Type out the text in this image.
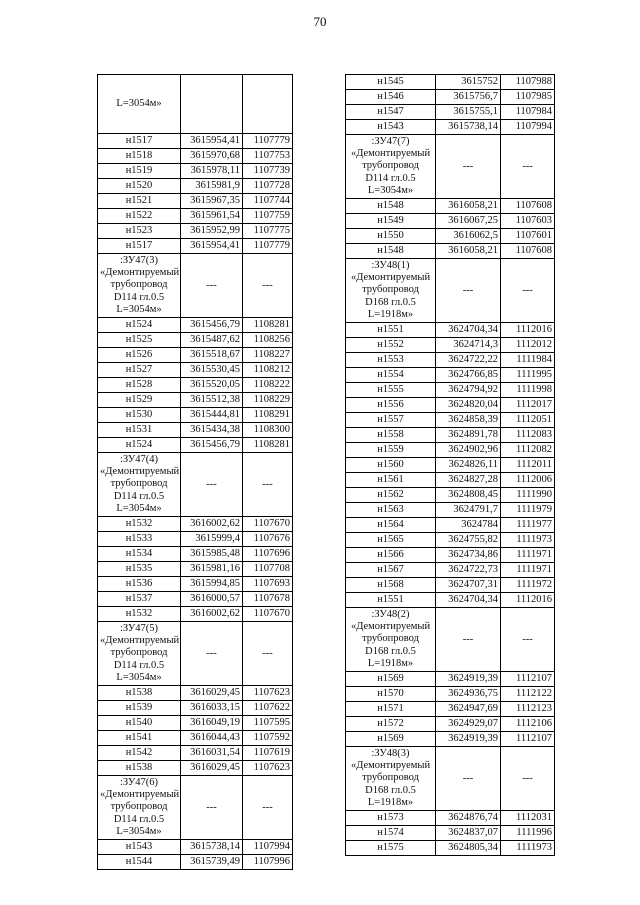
70
L=3054м»		
н1517	3615954,41	1107779
н1518	3615970,68	1107753
н1519	3615978,11	1107739
н1520	3615981,9	1107728
н1521	3615967,35	1107744
н1522	3615961,54	1107759
н1523	3615952,99	1107775
н1517	3615954,41	1107779

:ЗУ47(3)
«Демонтируемый
трубопровод
D114 гл.0.5
L=3054м»	---	---
н1524	3615456,79	1108281
н1525	3615487,62	1108256
н1526	3615518,67	1108227
н1527	3615530,45	1108212
н1528	3615520,05	1108222
н1529	3615512,38	1108229
н1530	3615444,81	1108291
н1531	3615434,38	1108300
н1524	3615456,79	1108281

:ЗУ47(4)
«Демонтируемый
трубопровод
D114 гл.0.5
L=3054м»	---	---
н1532	3616002,62	1107670
н1533	3615999,4	1107676
н1534	3615985,48	1107696
н1535	3615981,16	1107708
н1536	3615994,85	1107693
н1537	3616000,57	1107678
н1532	3616002,62	1107670

:ЗУ47(5)
«Демонтируемый
трубопровод
D114 гл.0.5
L=3054м»	---	---
н1538	3616029,45	1107623
н1539	3616033,15	1107622
н1540	3616049,19	1107595
н1541	3616044,43	1107592
н1542	3616031,54	1107619
н1538	3616029,45	1107623

:ЗУ47(6)
«Демонтируемый
трубопровод
D114 гл.0.5
L=3054м»	---	---
н1543	3615738,14	1107994
н1544	3615739,49	1107996
н1545	3615752	1107988
н1546	3615756,7	1107985
н1547	3615755,1	1107984
н1543	3615738,14	1107994

:ЗУ47(7)
«Демонтируемый
трубопровод
D114 гл.0.5
L=3054м»	---	---
н1548	3616058,21	1107608
н1549	3616067,25	1107603
н1550	3616062,5	1107601
н1548	3616058,21	1107608

:ЗУ48(1)
«Демонтируемый
трубопровод
D168 гл.0.5
L=1918м»	---	---
н1551	3624704,34	1112016
н1552	3624714,3	1112012
н1553	3624722,22	1111984
н1554	3624766,85	1111995
н1555	3624794,92	1111998
н1556	3624820,04	1112017
н1557	3624858,39	1112051
н1558	3624891,78	1112083
н1559	3624902,96	1112082
н1560	3624826,11	1112011
н1561	3624827,28	1112006
н1562	3624808,45	1111990
н1563	3624791,7	1111979
н1564	3624784	1111977
н1565	3624755,82	1111973
н1566	3624734,86	1111971
н1567	3624722,73	1111971
н1568	3624707,31	1111972
н1551	3624704,34	1112016

:ЗУ48(2)
«Демонтируемый
трубопровод
D168 гл.0.5
L=1918м»	---	---
н1569	3624919,39	1112107
н1570	3624936,75	1112122
н1571	3624947,69	1112123
н1572	3624929,07	1112106
н1569	3624919,39	1112107

:ЗУ48(3)
«Демонтируемый
трубопровод
D168 гл.0.5
L=1918м»	---	---
н1573	3624876,74	1112031
н1574	3624837,07	1111996
н1575	3624805,34	1111973
